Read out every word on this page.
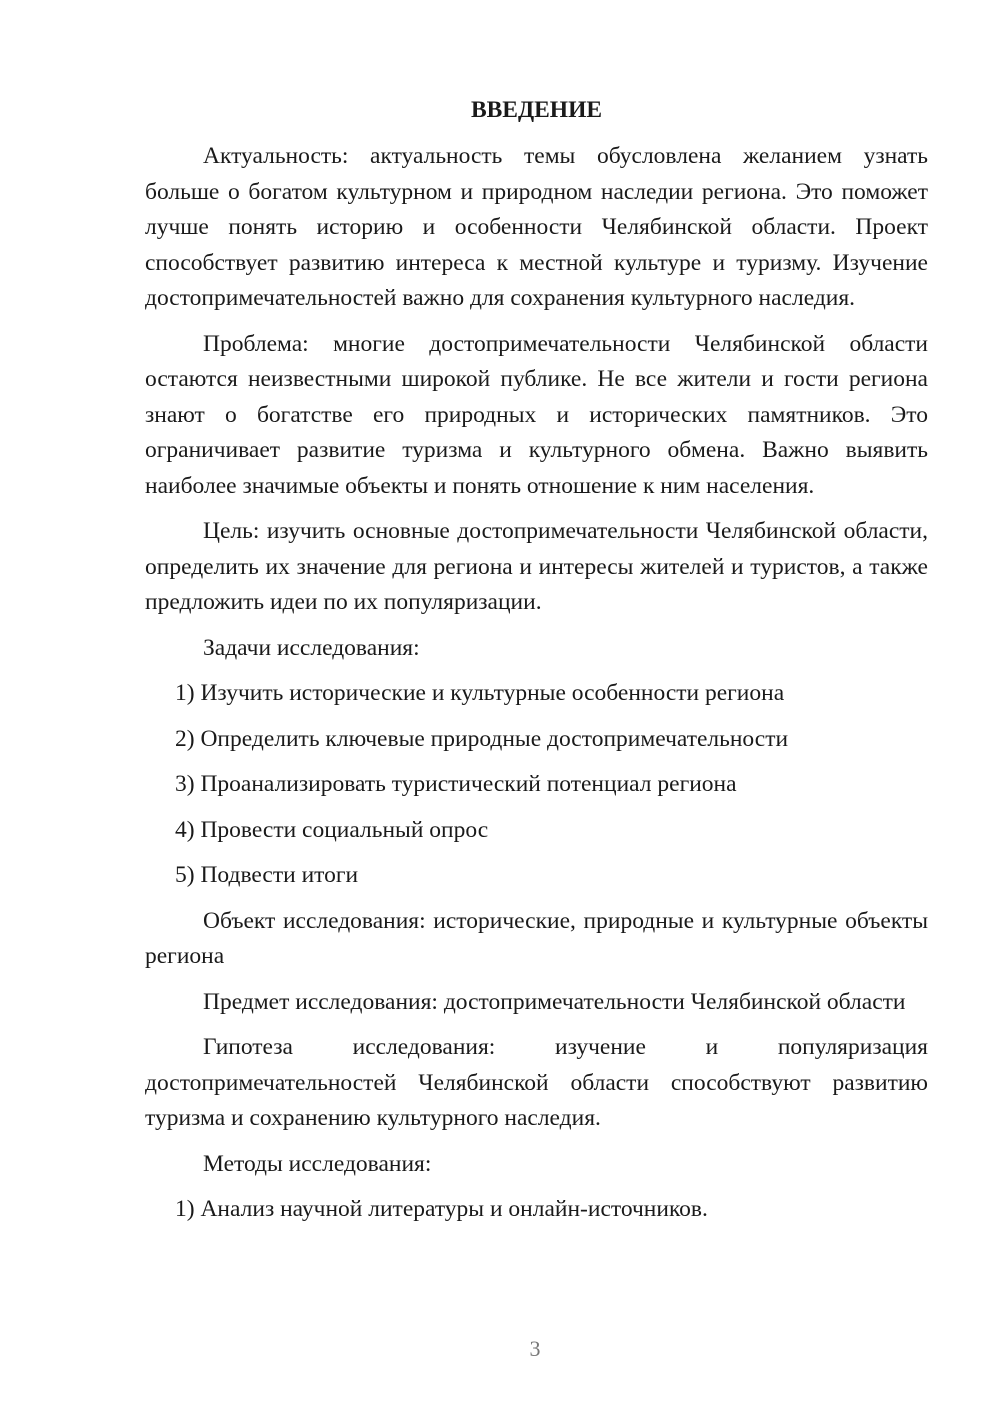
ВВЕДЕНИЕ
Актуальность: актуальность темы обусловлена желанием узнать больше о богатом культурном и природном наследии региона. Это поможет лучше понять историю и особенности Челябинской области. Проект способствует развитию интереса к местной культуре и туризму. Изучение достопримечательностей важно для сохранения культурного наследия.
Проблема: многие достопримечательности Челябинской области остаются неизвестными широкой публике. Не все жители и гости региона знают о богатстве его природных и исторических памятников. Это ограничивает развитие туризма и культурного обмена. Важно выявить наиболее значимые объекты и понять отношение к ним населения.
Цель: изучить основные достопримечательности Челябинской области, определить их значение для региона и интересы жителей и туристов, а также предложить идеи по их популяризации.
Задачи исследования:
1) Изучить исторические и культурные особенности региона
2) Определить ключевые природные достопримечательности
3) Проанализировать туристический потенциал региона
4) Провести социальный опрос
5) Подвести итоги
Объект исследования: исторические, природные и культурные объекты региона
Предмет исследования: достопримечательности Челябинской области
Гипотеза исследования: изучение и популяризация достопримечательностей Челябинской области способствуют развитию туризма и сохранению культурного наследия.
Методы исследования:
1) Анализ научной литературы и онлайн-источников.
3
